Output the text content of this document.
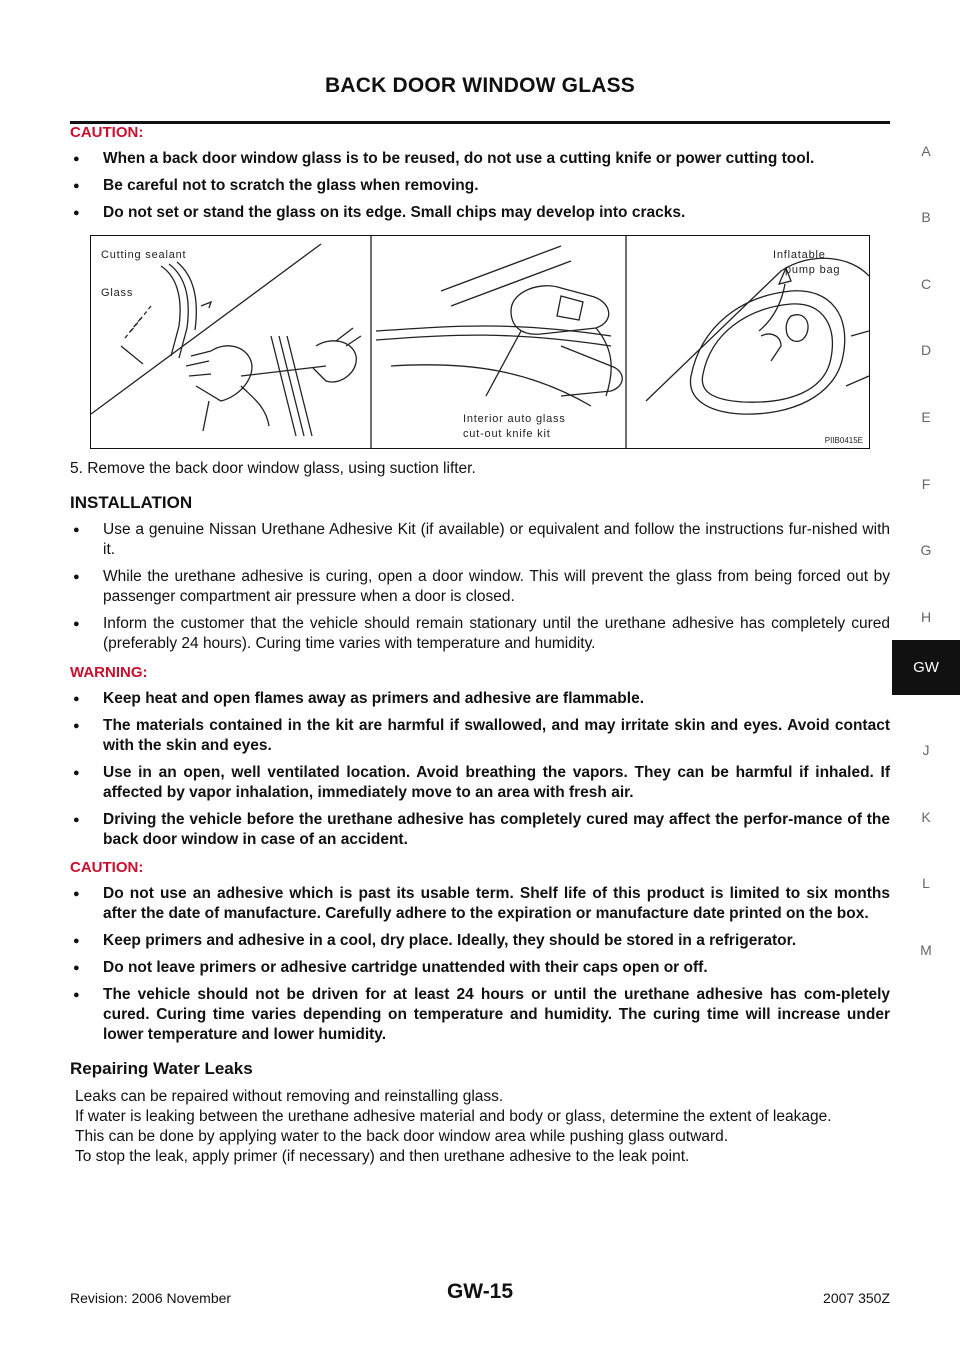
BACK DOOR WINDOW GLASS
CAUTION:
● When a back door window glass is to be reused, do not use a cutting knife or power cutting tool.
● Be careful not to scratch the glass when removing.
● Do not set or stand the glass on its edge. Small chips may develop into cracks.
Cutting sealant
Glass
Interior auto glass
cut-out knife kit
Inflatable
pump bag
PIIB0415E
5. Remove the back door window glass, using suction lifter.
INSTALLATION
● Use a genuine Nissan Urethane Adhesive Kit (if available) or equivalent and follow the instructions fur-nished with it.
● While the urethane adhesive is curing, open a door window. This will prevent the glass from being forced out by passenger compartment air pressure when a door is closed.
● Inform the customer that the vehicle should remain stationary until the urethane adhesive has completely cured (preferably 24 hours). Curing time varies with temperature and humidity.
WARNING:
● Keep heat and open flames away as primers and adhesive are flammable.
● The materials contained in the kit are harmful if swallowed, and may irritate skin and eyes. Avoid contact with the skin and eyes.
● Use in an open, well ventilated location. Avoid breathing the vapors. They can be harmful if inhaled. If affected by vapor inhalation, immediately move to an area with fresh air.
● Driving the vehicle before the urethane adhesive has completely cured may affect the perfor-mance of the back door window in case of an accident.
CAUTION:
● Do not use an adhesive which is past its usable term. Shelf life of this product is limited to six months after the date of manufacture. Carefully adhere to the expiration or manufacture date printed on the box.
● Keep primers and adhesive in a cool, dry place. Ideally, they should be stored in a refrigerator.
● Do not leave primers or adhesive cartridge unattended with their caps open or off.
● The vehicle should not be driven for at least 24 hours or until the urethane adhesive has com-pletely cured. Curing time varies depending on temperature and humidity. The curing time will increase under lower temperature and lower humidity.
Repairing Water Leaks

Leaks can be repaired without removing and reinstalling glass.

If water is leaking between the urethane adhesive material and body or glass, determine the extent of leakage.

This can be done by applying water to the back door window area while pushing glass outward.

To stop the leak, apply primer (if necessary) and then urethane adhesive to the leak point.

A
B
C
D
E
F
G
H
GW
J
K
L
M
Revision: 2006 November	GW-15	2007 350Z
